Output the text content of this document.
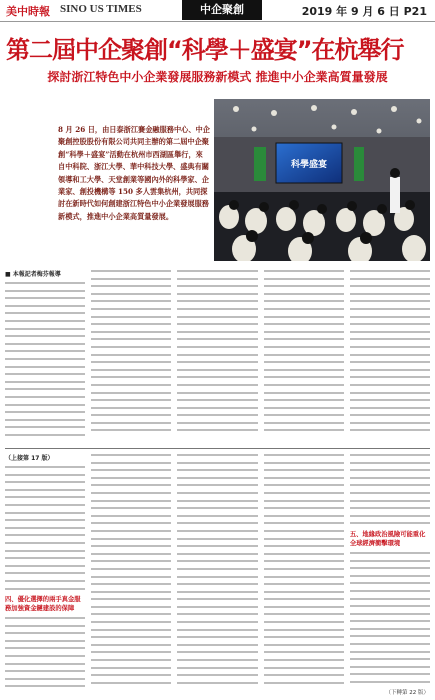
美中時報 SINO US TIMES	中企聚創	2019 年 9 月 6 日 P21
第二屆中企聚創“科學＋盛宴”在杭舉行
探討浙江特色中小企業發展服務新模式 推進中小企業高質量發展

8 月 26 日，由日泰浙江賽金融服務中心、中企聚創控股股份有限公司共同主辦的第二屆中企聚創“科學＋盛宴”活動在杭州市西湖區舉行，來自中科院、浙江大學、華中科技大學、盛典有關領導和工大學、天堂創業等國內外的科學家、企業家、創投機構等 150 多人雲集杭州，共同探討在新時代如何創建浙江特色中小企業發展服務新模式，推進中小企業高質量發展。

科學盛宴
■ 本報記者梅芬報導
（上接第 17 版）
四、優化選擇的兩手真金服務加強資金鏈建設的保障
五、地緣政治風險可能重化全球經濟衝擊環境
（下轉第 22 版）
